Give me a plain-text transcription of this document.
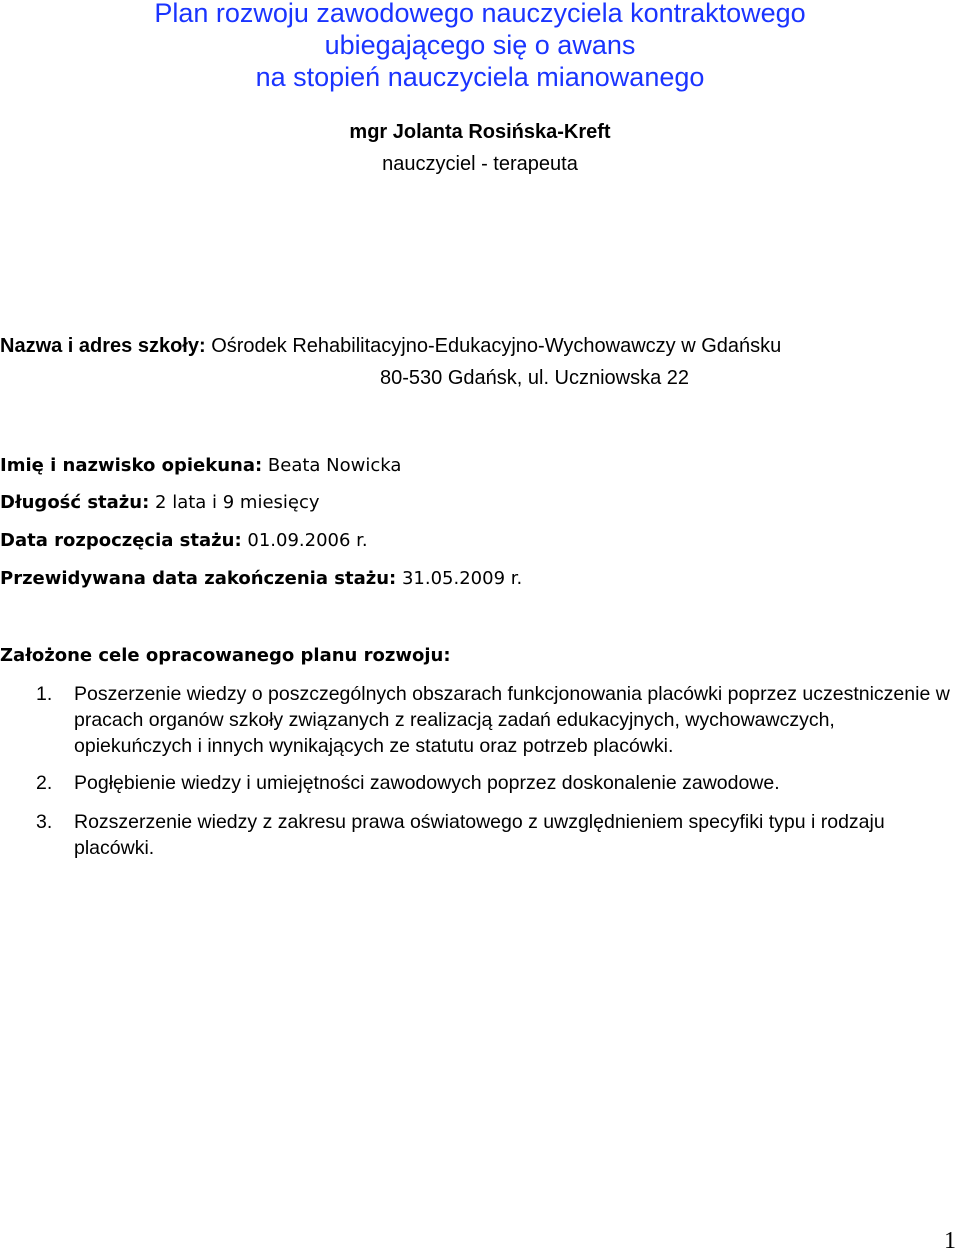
Plan rozwoju zawodowego nauczyciela kontraktowego
ubiegającego się o awans
na stopień nauczyciela mianowanego
mgr Jolanta Rosińska-Kreft
nauczyciel - terapeuta
Nazwa i adres szkoły: Ośrodek Rehabilitacyjno-Edukacyjno-Wychowawczy w Gdańsku
80-530 Gdańsk, ul. Uczniowska 22
Imię i nazwisko opiekuna: Beata Nowicka
Długość stażu: 2 lata i 9 miesięcy
Data rozpoczęcia stażu: 01.09.2006 r.
Przewidywana data zakończenia stażu: 31.05.2009 r.
Założone cele opracowanego planu rozwoju:
1. Poszerzenie wiedzy o poszczególnych obszarach funkcjonowania placówki poprzez uczestniczenie w pracach organów szkoły związanych z realizacją zadań edukacyjnych, wychowawczych, opiekuńczych i innych wynikających ze statutu oraz potrzeb placówki.
2. Pogłębienie wiedzy i umiejętności zawodowych poprzez doskonalenie zawodowe.
3. Rozszerzenie wiedzy z zakresu prawa oświatowego z uwzględnieniem specyfiki typu i rodzaju placówki.
1
